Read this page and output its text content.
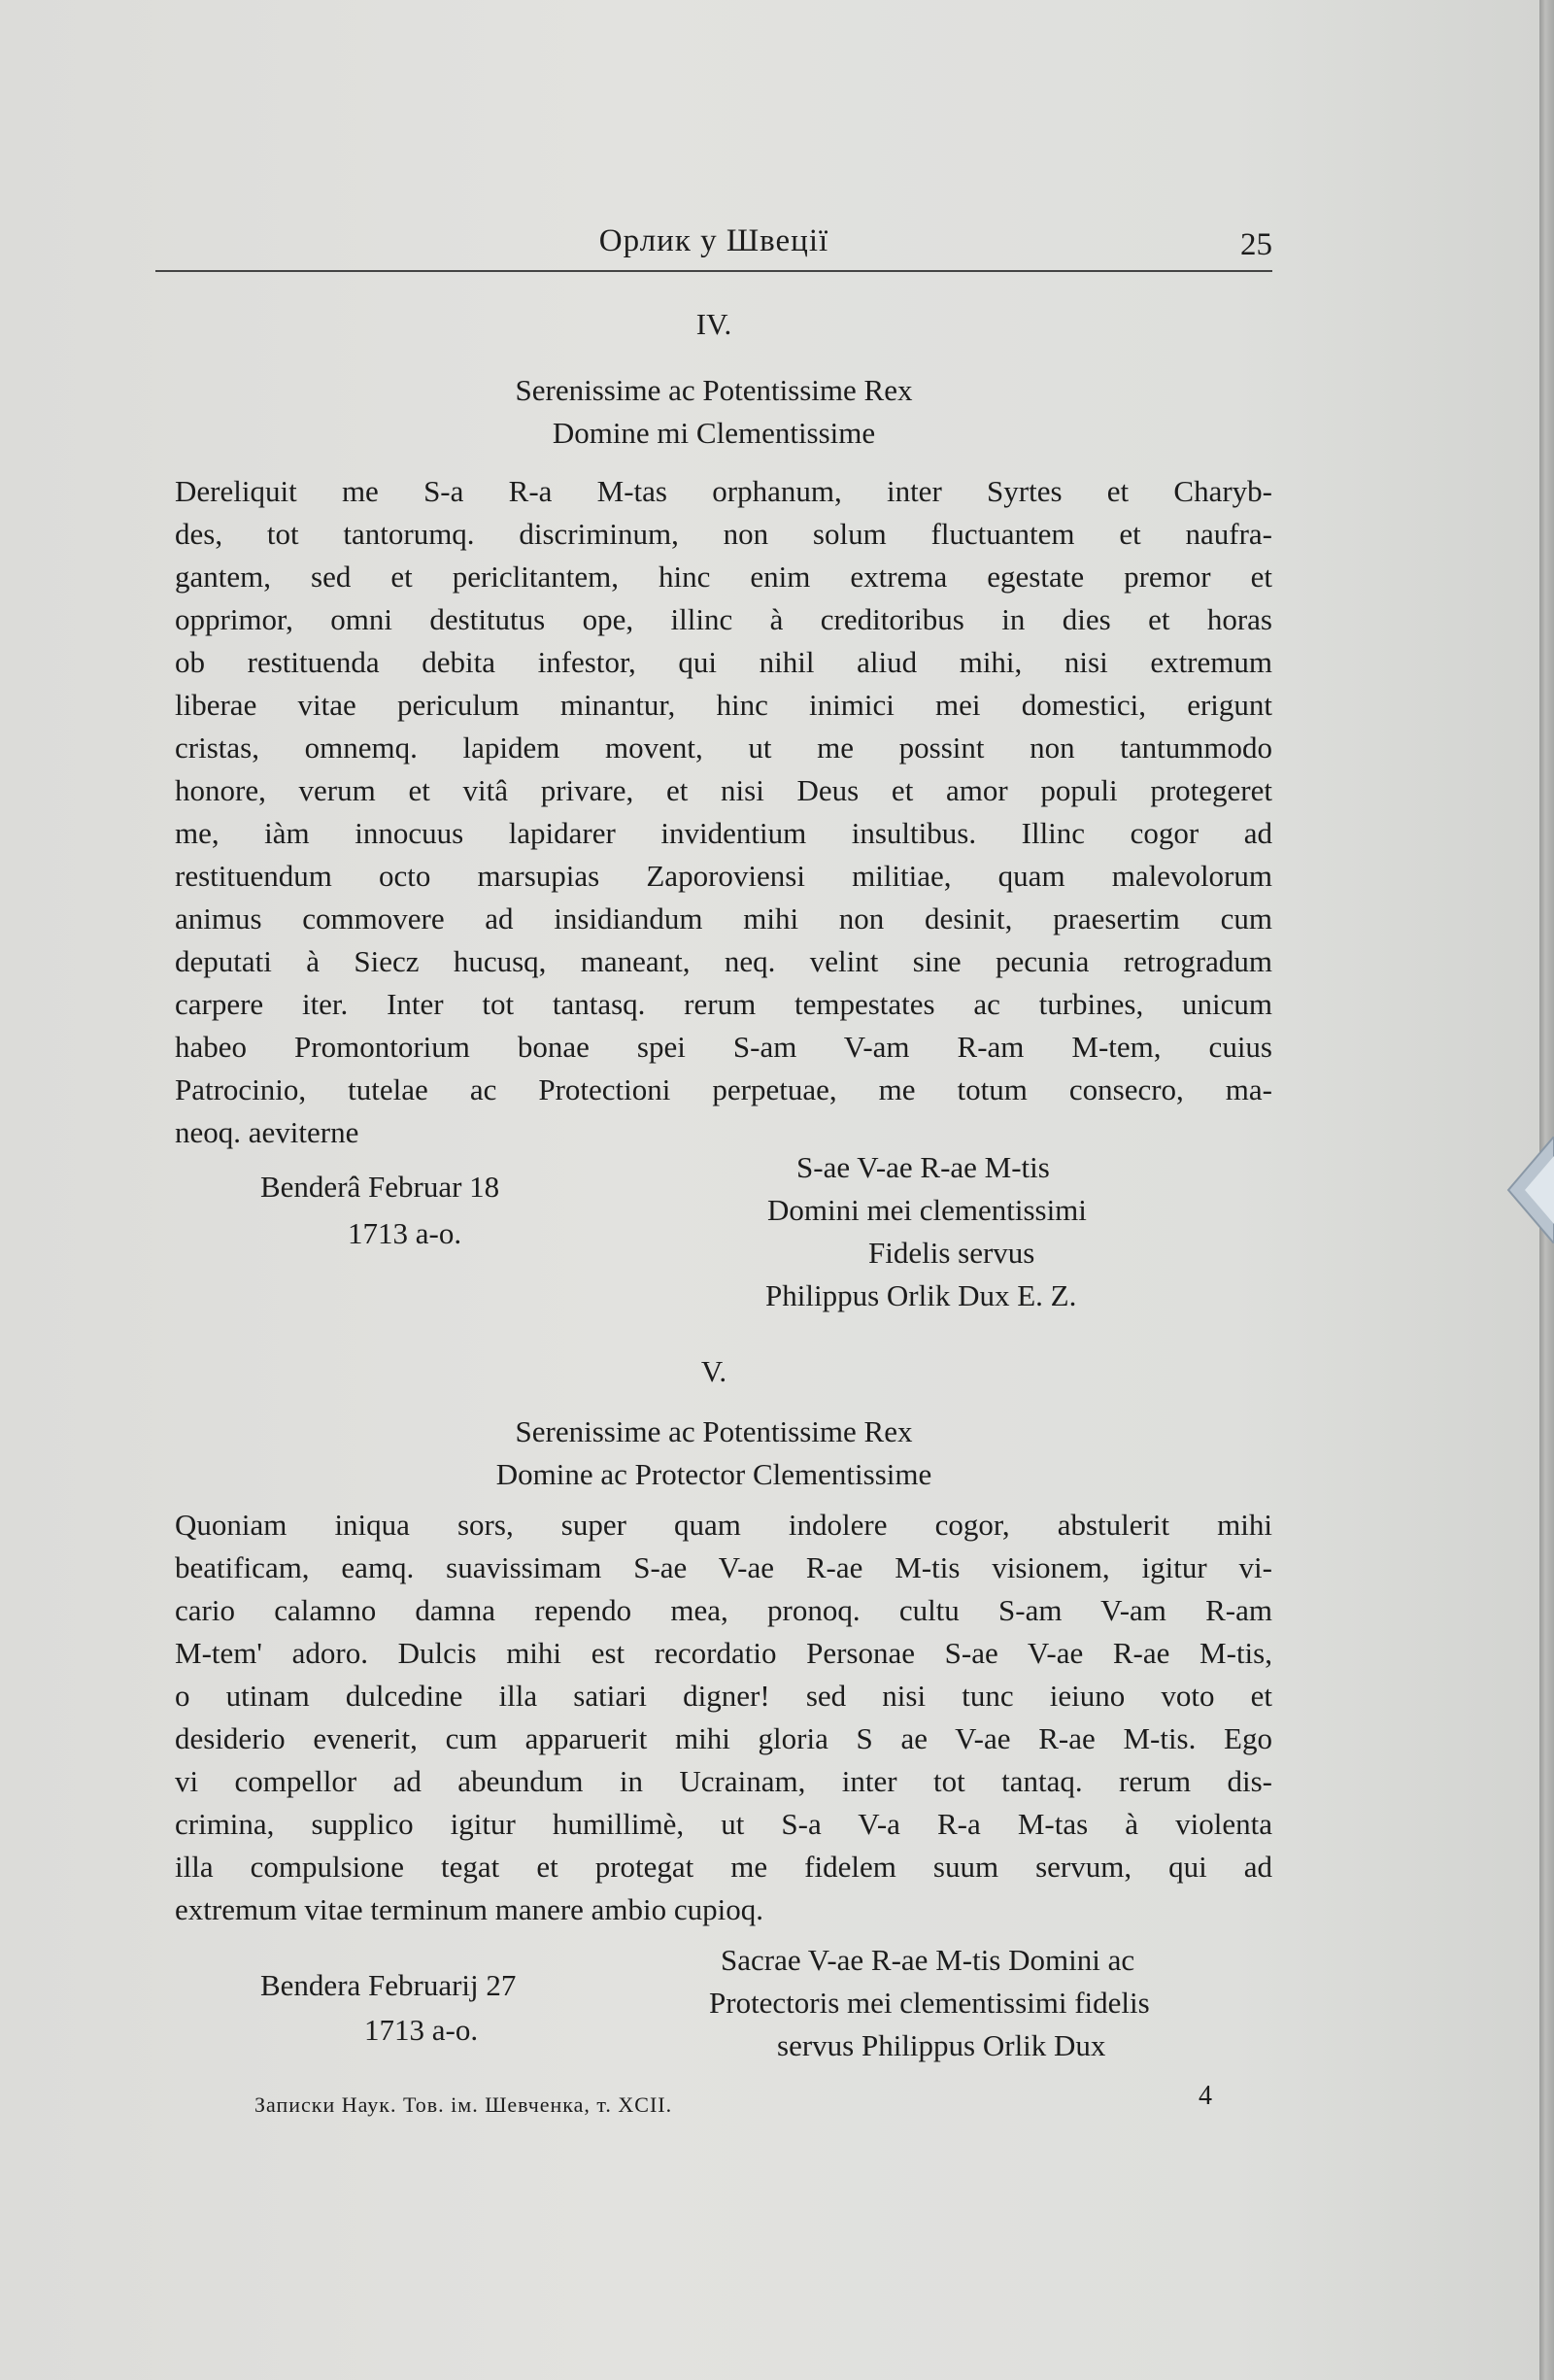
Орлик у Швеції	25
IV.
Serenissime ac Potentissime Rex
Domine mi Clementissime
Dereliquit me S-a R-a M-tas orphanum, inter Syrtes et Charyb-
des, tot tantorumq. discriminum, non solum fluctuantem et naufra-
gantem, sed et periclitantem, hinc enim extrema egestate premor et
opprimor, omni destitutus ope, illinc à creditoribus in dies et horas
ob restituenda debita infestor, qui nihil aliud mihi, nisi extremum
liberae vitae periculum minantur, hinc inimici mei domestici, erigunt
cristas, omnemq. lapidem movent, ut me possint non tantummodo
honore, verum et vitâ privare, et nisi Deus et amor populi protegeret
me, iàm innocuus lapidarer invidentium insultibus. Illinc cogor ad
restituendum octo marsupias Zaporoviensi militiae, quam malevolorum
animus commovere ad insidiandum mihi non desinit, praesertim cum
deputati à Siecz hucusq, maneant, neq. velint sine pecunia retrogradum
carpere iter. Inter tot tantasq. rerum tempestates ac turbines, unicum
habeo Promontorium bonae spei S-am V-am R-am M-tem, cuius
Patrocinio, tutelae ac Protectioni perpetuae, me totum consecro, ma-
neoq. aeviterne
Benderâ Februar 18
1713 a-o.
S-ae V-ae R-ae M-tis
Domini mei clementissimi
Fidelis servus
Philippus Orlik Dux E. Z.
V.
Serenissime ac Potentissime Rex
Domine ac Protector Clementissime
Quoniam iniqua sors, super quam indolere cogor, abstulerit mihi
beatificam, eamq. suavissimam S-ae V-ae R-ae M-tis visionem, igitur vi-
cario calamno damna rependo mea, pronoq. cultu S-am V-am R-am
M-tem' adoro. Dulcis mihi est recordatio Personae S-ae V-ae R-ae M-tis,
o utinam dulcedine illa satiari digner! sed nisi tunc ieiuno voto et
desiderio evenerit, cum apparuerit mihi gloria S ae V-ae R-ae M-tis. Ego
vi compellor ad abeundum in Ucrainam, inter tot tantaq. rerum dis-
crimina, supplico igitur humillimè, ut S-a V-a R-a M-tas à violenta
illa compulsione tegat et protegat me fidelem suum servum, qui ad
extremum vitae terminum manere ambio cupioq.
Bendera Februarij 27
1713 a-o.
Sacrae V-ae R-ae M-tis Domini ac
Protectoris mei clementissimi fidelis
servus Philippus Orlik Dux
Записки Наук. Тов. ім. Шевченка, т. XCII.	4
